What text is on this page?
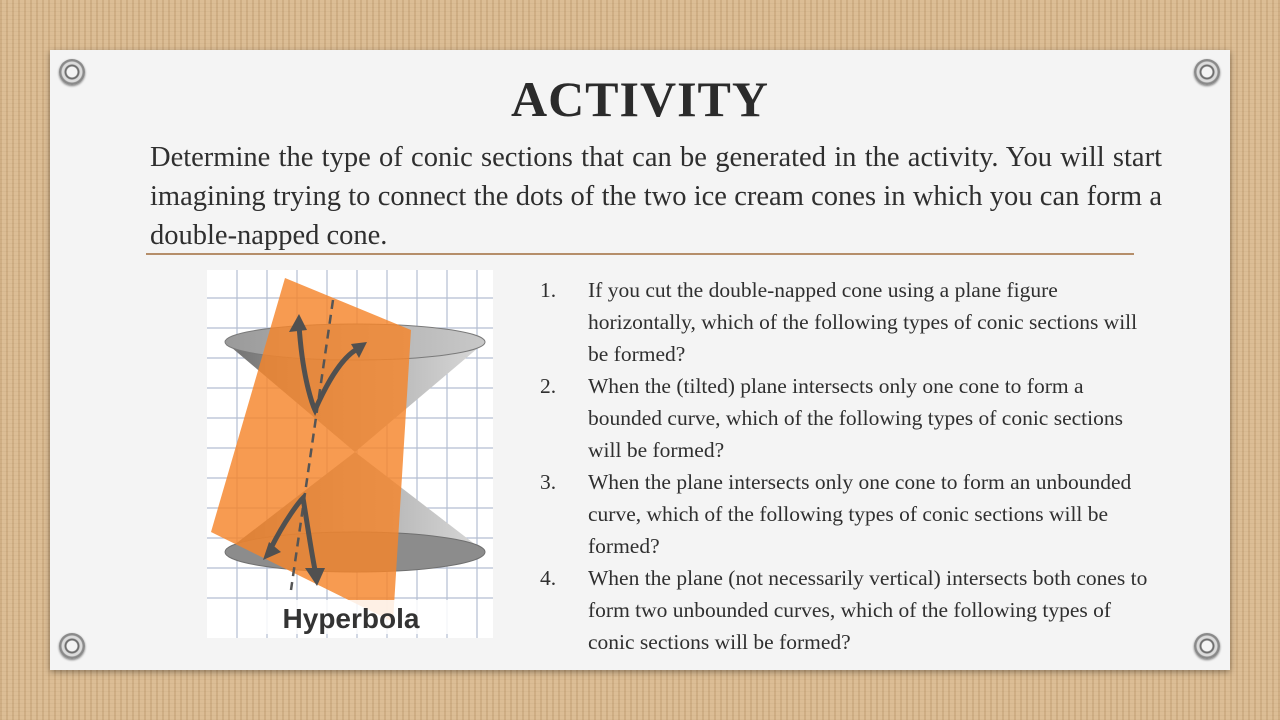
ACTIVITY

Determine the type of conic sections that can be generated in the activity. You will start imagining trying to connect the dots of the two ice cream cones in which you can form a double-napped cone.

Hyperbola
1.	If you cut the double-napped cone using a plane figure horizontally, which of the following types of conic sections will be formed?
2.	When the (tilted) plane intersects only one cone to form a bounded curve, which of the following types of conic sections will be formed?
3.	When the plane intersects only one cone to form an unbounded curve, which of the following types of conic sections will be formed?
4.	When the plane (not necessarily vertical) intersects both cones to form two unbounded curves, which of the following types of conic sections will be formed?
